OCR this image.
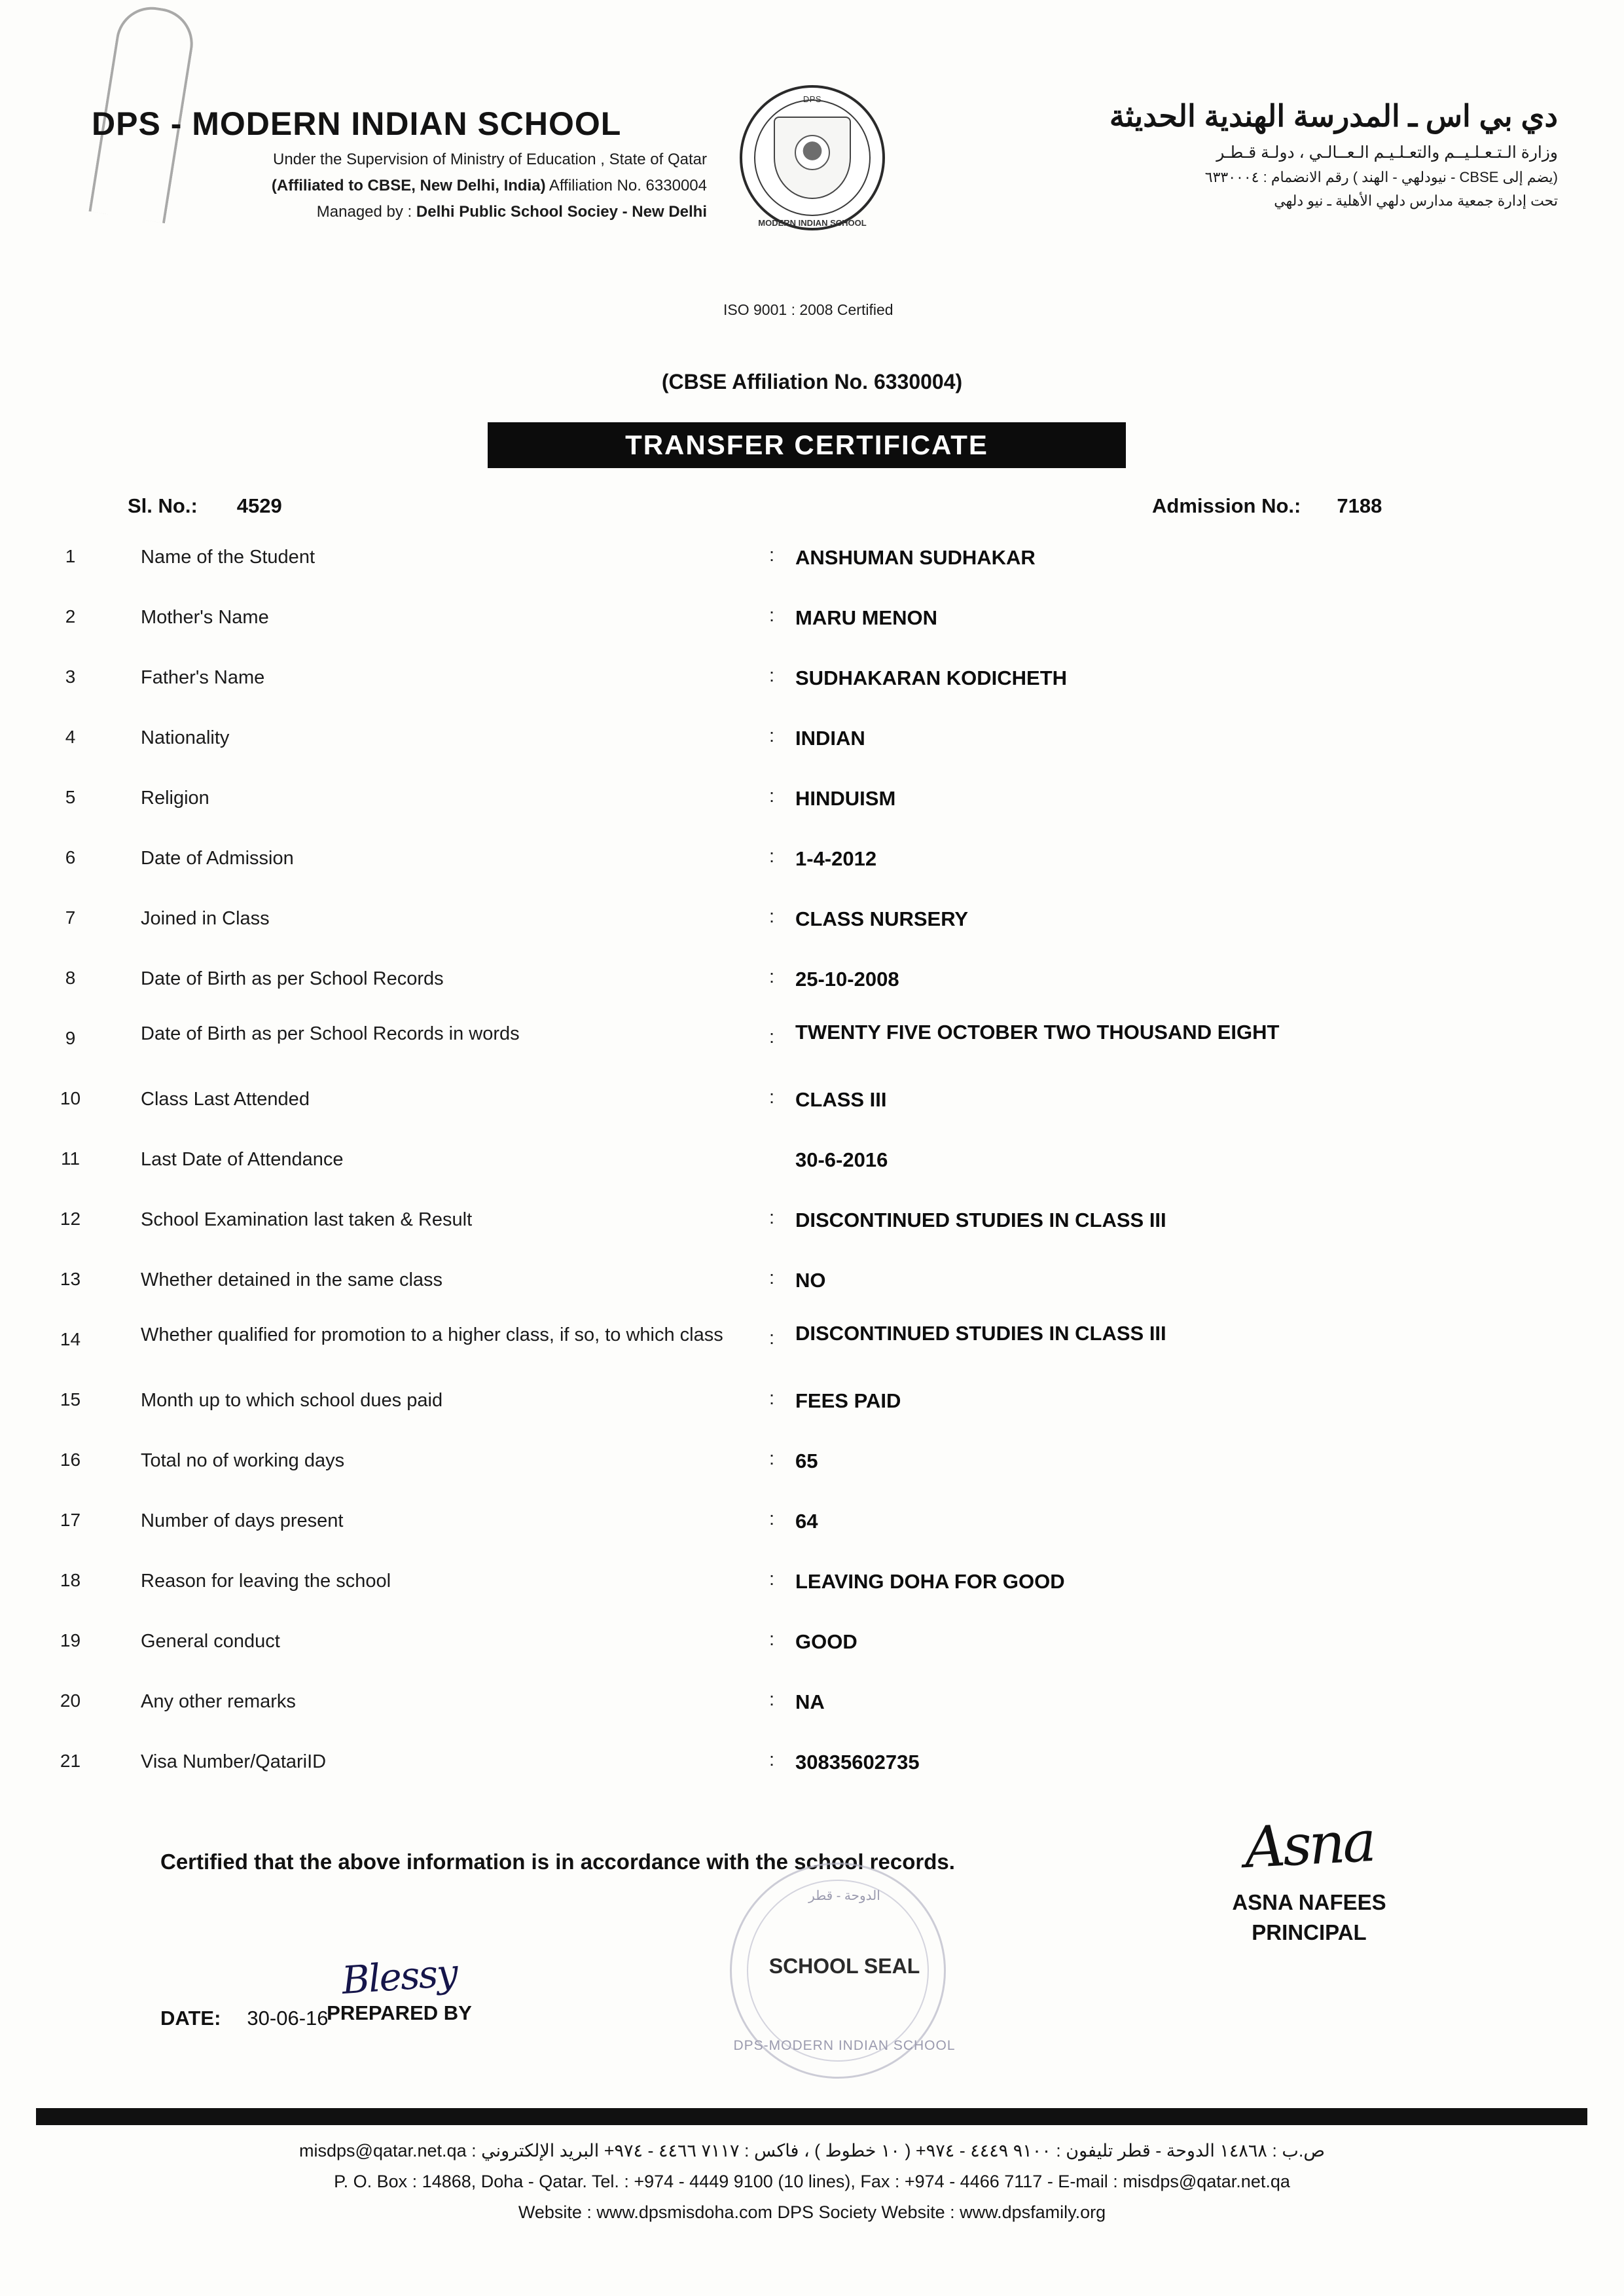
DPS - MODERN INDIAN SCHOOL
Under the Supervision of Ministry of Education , State of Qatar
(Affiliated to CBSE, New Delhi, India) Affiliation No. 6330004
Managed by : Delhi Public School Sociey - New Delhi
DPS
MODERN INDIAN SCHOOL
دي بي اس ـ المدرسة الهندية الحديثة
وزارة الـتـعـلـيــم والتعـلـيـم الـعــالـي ، دولـة قـطـر
(يضم إلى CBSE - نيودلهي - الهند ) رقم الانضمام : ٦٣٣٠٠٠٤
تحت إدارة جمعية مدارس دلهي الأهلية ـ نيو دلهي
ISO 9001 : 2008 Certified
(CBSE Affiliation No. 6330004)
TRANSFER CERTIFICATE
Sl. No.: 4529	Admission No.: 7188
1	Name of the Student	:	ANSHUMAN SUDHAKAR
2	Mother's Name	:	MARU MENON
3	Father's Name	:	SUDHAKARAN KODICHETH
4	Nationality	:	INDIAN
5	Religion	:	HINDUISM
6	Date of Admission	:	1-4-2012
7	Joined in Class	:	CLASS NURSERY
8	Date of Birth as per School Records	:	25-10-2008
9	Date of Birth as per School Records in words	:	TWENTY FIVE OCTOBER TWO THOUSAND EIGHT
10	Class Last Attended	:	CLASS III
11	Last Date of Attendance	30-6-2016
12	School Examination last taken & Result	:	DISCONTINUED STUDIES IN CLASS III
13	Whether detained in the same class	:	NO
14	Whether qualified for promotion to a higher class, if so, to which class	:	DISCONTINUED STUDIES IN CLASS III
15	Month up to which school dues paid	:	FEES PAID
16	Total no of working days	:	65
17	Number of days present	:	64
18	Reason for leaving the school	:	LEAVING DOHA FOR GOOD
19	General conduct	:	GOOD
20	Any other remarks	:	NA
21	Visa Number/QatariID	:	30835602735
Certified that the above information is in accordance with the school records.
Blessy
PREPARED BY
DATE: 30-06-16
الدوحة - قطر
SCHOOL SEAL
DPS-MODERN INDIAN SCHOOL
Asna
ASNA NAFEES
PRINCIPAL
ص.ب : ١٤٨٦٨ الدوحة - قطر تليفون : ٩١٠٠ ٤٤٤٩ - ٩٧٤+ ( ١٠ خطوط ) ، فاكس : ٧١١٧ ٤٤٦٦ - ٩٧٤+ البريد الإلكتروني : misdps@qatar.net.qa
P. O. Box : 14868, Doha - Qatar. Tel. : +974 - 4449 9100 (10 lines), Fax : +974 - 4466 7117 - E-mail : misdps@qatar.net.qa
Website : www.dpsmisdoha.com DPS Society Website : www.dpsfamily.org
